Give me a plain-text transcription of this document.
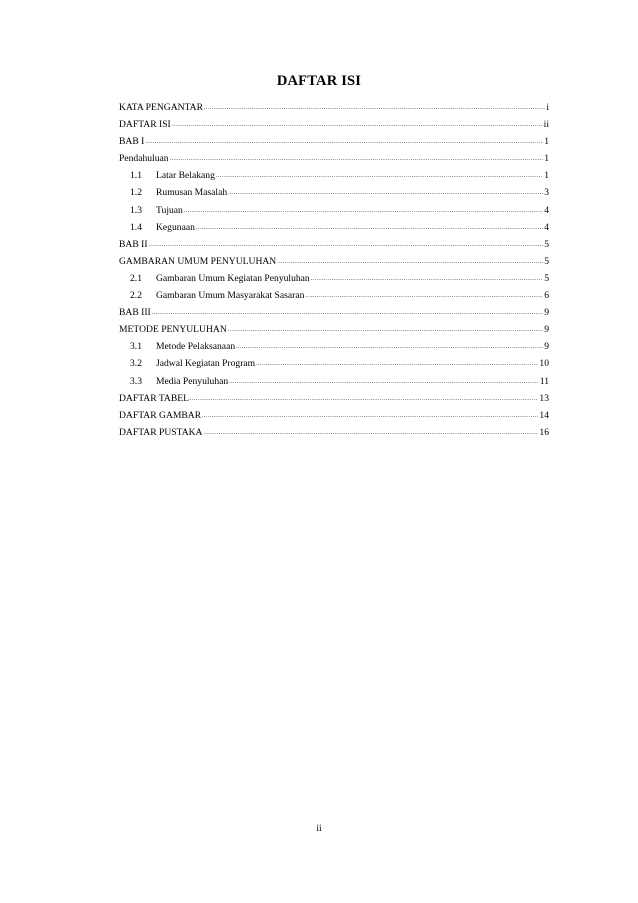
DAFTAR ISI
KATA PENGANTAR .....	i
DAFTAR ISI .....	ii
BAB I .....	1
Pendahuluan .....	1
1.1	Latar Belakang .....	1
1.2	Rumusan Masalah .....	3
1.3	Tujuan .....	4
1.4	Kegunaan .....	4
BAB II .....	5
GAMBARAN UMUM PENYULUHAN .....	5
2.1	Gambaran Umum Kegiatan Penyuluhan .....	5
2.2	Gambaran Umum Masyarakat Sasaran .....	6
BAB III .....	9
METODE PENYULUHAN .....	9
3.1	Metode Pelaksanaan .....	9
3.2	Jadwal Kegiatan Program .....	10
3.3	Media Penyuluhan .....	11
DAFTAR TABEL .....	13
DAFTAR GAMBAR .....	14
DAFTAR PUSTAKA .....	16
ii
